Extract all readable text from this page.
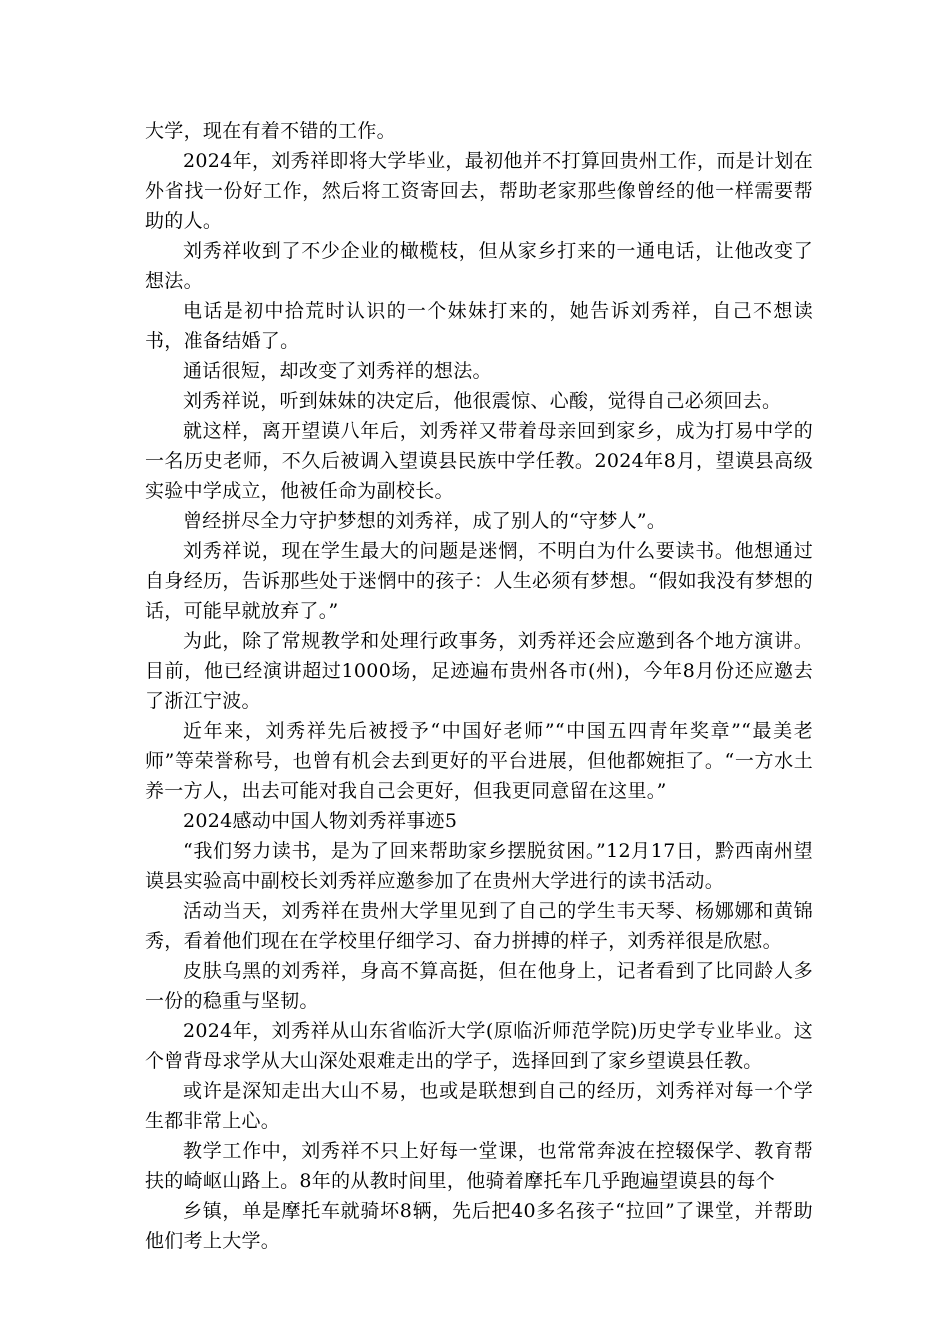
大学，现在有着不错的工作。

2024年，刘秀祥即将大学毕业，最初他并不打算回贵州工作，而是计划在外省找一份好工作，然后将工资寄回去，帮助老家那些像曾经的他一样需要帮助的人。

刘秀祥收到了不少企业的橄榄枝，但从家乡打来的一通电话，让他改变了想法。

电话是初中拾荒时认识的一个妹妹打来的，她告诉刘秀祥，自己不想读书，准备结婚了。

通话很短，却改变了刘秀祥的想法。

刘秀祥说，听到妹妹的决定后，他很震惊、心酸，觉得自己必须回去。

就这样，离开望谟八年后，刘秀祥又带着母亲回到家乡，成为打易中学的一名历史老师，不久后被调入望谟县民族中学任教。2024年8月，望谟县高级实验中学成立，他被任命为副校长。

曾经拼尽全力守护梦想的刘秀祥，成了别人的“守梦人”。

刘秀祥说，现在学生最大的问题是迷惘，不明白为什么要读书。他想通过自身经历，告诉那些处于迷惘中的孩子：人生必须有梦想。“假如我没有梦想的话，可能早就放弃了。”

为此，除了常规教学和处理行政事务，刘秀祥还会应邀到各个地方演讲。目前，他已经演讲超过1000场，足迹遍布贵州各市(州)，今年8月份还应邀去了浙江宁波。

近年来，刘秀祥先后被授予“中国好老师”“中国五四青年奖章”“最美老师”等荣誉称号，也曾有机会去到更好的平台进展，但他都婉拒了。“一方水土养一方人，出去可能对我自己会更好，但我更同意留在这里。”

2024感动中国人物刘秀祥事迹5

“我们努力读书，是为了回来帮助家乡摆脱贫困。”12月17日，黔西南州望谟县实验高中副校长刘秀祥应邀参加了在贵州大学进行的读书活动。

活动当天，刘秀祥在贵州大学里见到了自己的学生韦天琴、杨娜娜和黄锦秀，看着他们现在在学校里仔细学习、奋力拼搏的样子，刘秀祥很是欣慰。

皮肤乌黑的刘秀祥，身高不算高挺，但在他身上，记者看到了比同龄人多一份的稳重与坚韧。

2024年，刘秀祥从山东省临沂大学(原临沂师范学院)历史学专业毕业。这个曾背母求学从大山深处艰难走出的学子，选择回到了家乡望谟县任教。

或许是深知走出大山不易，也或是联想到自己的经历，刘秀祥对每一个学生都非常上心。

教学工作中，刘秀祥不只上好每一堂课，也常常奔波在控辍保学、教育帮扶的崎岖山路上。8年的从教时间里，他骑着摩托车几乎跑遍望谟县的每个

乡镇，单是摩托车就骑坏8辆，先后把40多名孩子“拉回”了课堂，并帮助他们考上大学。
